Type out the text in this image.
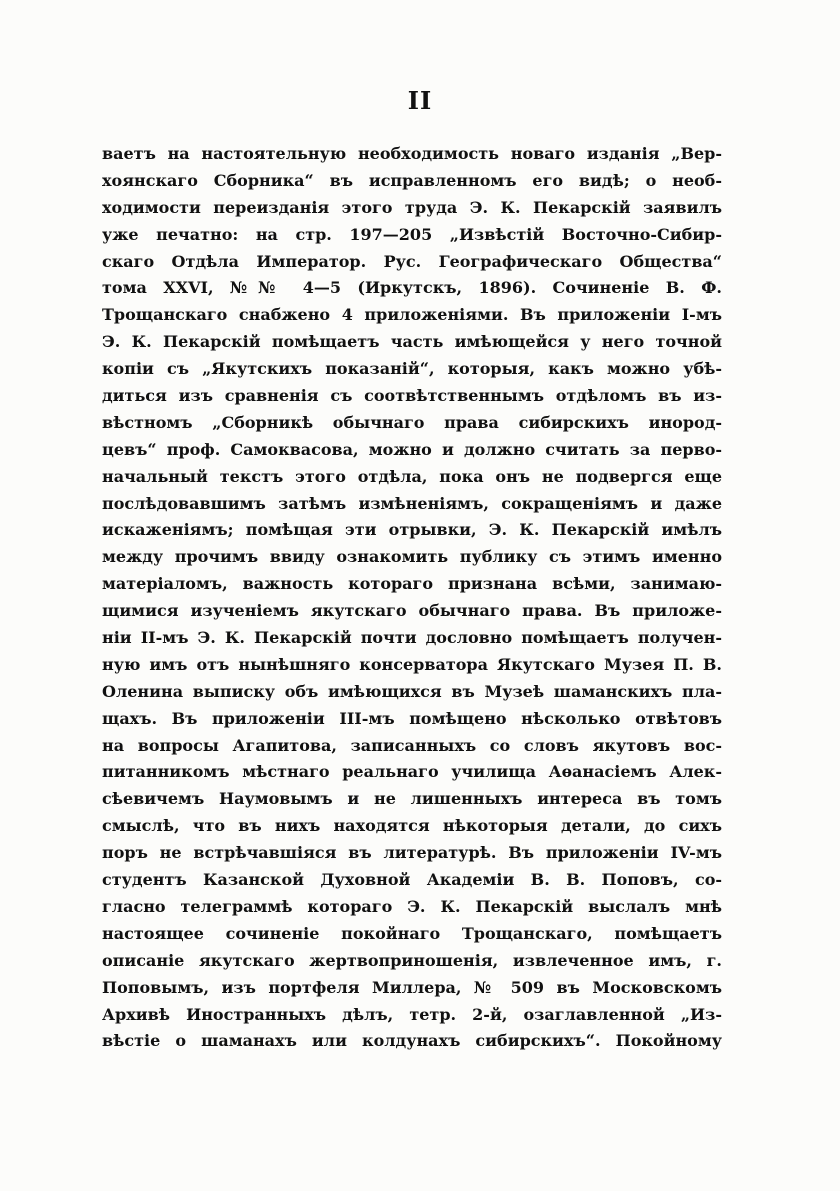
II
ваетъ на настоятельную необходимость новаго изданія „Вер-
хоянскаго Сборника“ въ исправленномъ его видѣ; о необ-
ходимости переизданія этого труда Э. К. Пекарскій заявилъ
уже печатно: на стр. 197—205 „Извѣстій Восточно-Сибир-
скаго Отдѣла Император. Рус. Географическаго Общества“
тома XXVI, №№ 4—5 (Иркутскъ, 1896). Сочиненіе В. Ф.
Трощанскаго снабжено 4 приложеніями. Въ приложеніи I-мъ
Э. К. Пекарскій помѣщаетъ часть имѣющейся у него точной
копіи съ „Якутскихъ показаній“, которыя, какъ можно убѣ-
диться изъ сравненія съ соотвѣтственнымъ отдѣломъ въ из-
вѣстномъ „Сборникѣ обычнаго права сибирскихъ инород-
цевъ“ проф. Самоквасова, можно и должно считать за перво-
начальный текстъ этого отдѣла, пока онъ не подвергся еще
послѣдовавшимъ затѣмъ измѣненіямъ, сокращеніямъ и даже
искаженіямъ; помѣщая эти отрывки, Э. К. Пекарскій имѣлъ
между прочимъ ввиду ознакомить публику съ этимъ именно
матеріаломъ, важность котораго признана всѣми, занимаю-
щимися изученіемъ якутскаго обычнаго права. Въ приложе-
ніи II-мъ Э. К. Пекарскій почти дословно помѣщаетъ получен-
ную имъ отъ нынѣшняго консерватора Якутскаго Музея П. В.
Оленина выписку объ имѣющихся въ Музеѣ шаманскихъ пла-
щахъ. Въ приложеніи III-мъ помѣщено нѣсколько отвѣтовъ
на вопросы Агапитова, записанныхъ со словъ якутовъ вос-
питанникомъ мѣстнаго реальнаго училища Аѳанасіемъ Алек-
сѣевичемъ Наумовымъ и не лишенныхъ интереса въ томъ
смыслѣ, что въ нихъ находятся нѣкоторыя детали, до сихъ
поръ не встрѣчавшіяся въ литературѣ. Въ приложеніи IV-мъ
студентъ Казанской Духовной Академіи В. В. Поповъ, со-
гласно телеграммѣ котораго Э. К. Пекарскій выслалъ мнѣ
настоящее сочиненіе покойнаго Трощанскаго, помѣщаетъ
описаніе якутскаго жертвоприношенія, извлеченное имъ, г.
Поповымъ, изъ портфеля Миллера, № 509 въ Московскомъ
Архивѣ Иностранныхъ дѣлъ, тетр. 2-й, озаглавленной „Из-
вѣстіе о шаманахъ или колдунахъ сибирскихъ“. Покойному
